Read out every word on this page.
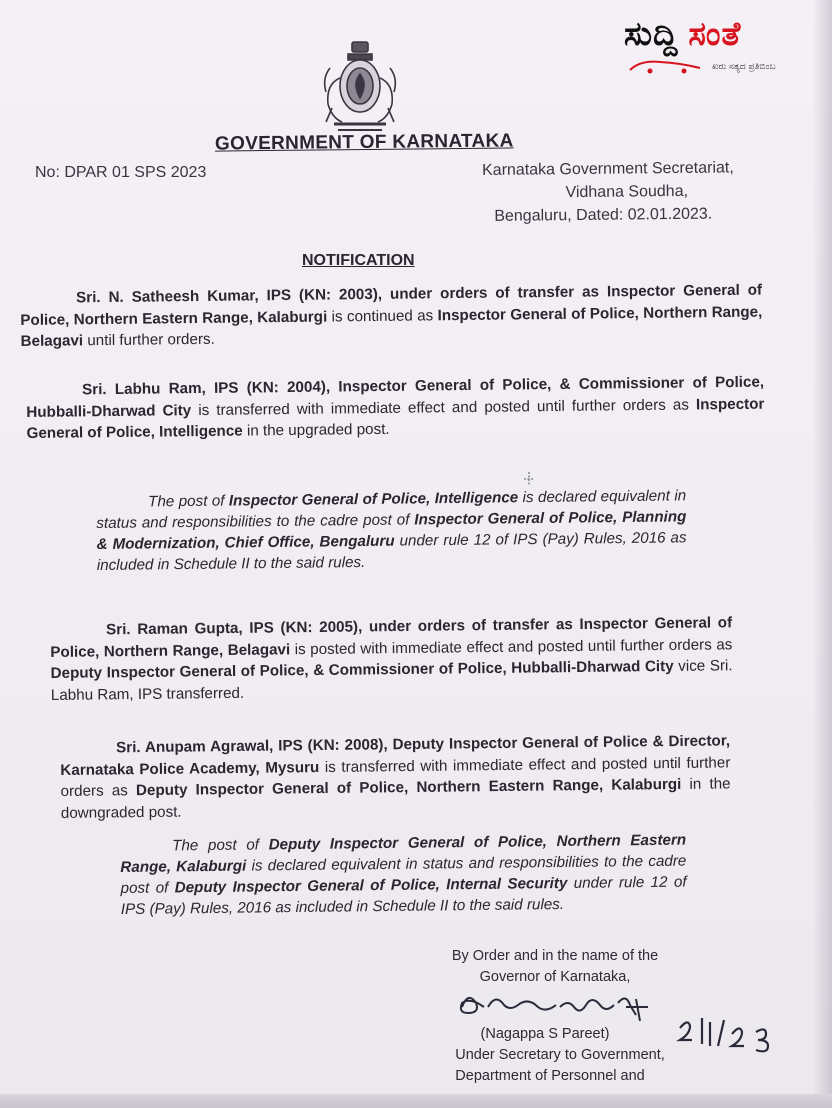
ಸುದ್ದಿ ಸಂತೆ
ಖರು ಸತ್ಯದ ಪ್ರತಿಬಿಂಬ
GOVERNMENT OF KARNATAKA
No: DPAR 01 SPS 2023	Karnataka Government Secretariat,
Vidhana Soudha,
Bengaluru, Dated: 02.01.2023.
NOTIFICATION
Sri. N. Satheesh Kumar, IPS (KN: 2003), under orders of transfer as Inspector General of Police, Northern Eastern Range, Kalaburgi is continued as Inspector General of Police, Northern Range, Belagavi until further orders.
Sri. Labhu Ram, IPS (KN: 2004), Inspector General of Police, & Commissioner of Police, Hubballi-Dharwad City is transferred with immediate effect and posted until further orders as Inspector General of Police, Intelligence in the upgraded post.
The post of Inspector General of Police, Intelligence is declared equivalent in status and responsibilities to the cadre post of Inspector General of Police, Planning & Modernization, Chief Office, Bengaluru under rule 12 of IPS (Pay) Rules, 2016 as included in Schedule II to the said rules.
Sri. Raman Gupta, IPS (KN: 2005), under orders of transfer as Inspector General of Police, Northern Range, Belagavi is posted with immediate effect and posted until further orders as Deputy Inspector General of Police, & Commissioner of Police, Hubballi-Dharwad City vice Sri. Labhu Ram, IPS transferred.
Sri. Anupam Agrawal, IPS (KN: 2008), Deputy Inspector General of Police & Director, Karnataka Police Academy, Mysuru is transferred with immediate effect and posted until further orders as Deputy Inspector General of Police, Northern Eastern Range, Kalaburgi in the downgraded post.
The post of Deputy Inspector General of Police, Northern Eastern Range, Kalaburgi is declared equivalent in status and responsibilities to the cadre post of Deputy Inspector General of Police, Internal Security under rule 12 of IPS (Pay) Rules, 2016 as included in Schedule II to the said rules.
By Order and in the name of the
Governor of Karnataka,
(Nagappa S Pareet)
Under Secretary to Government,
Department of Personnel and
